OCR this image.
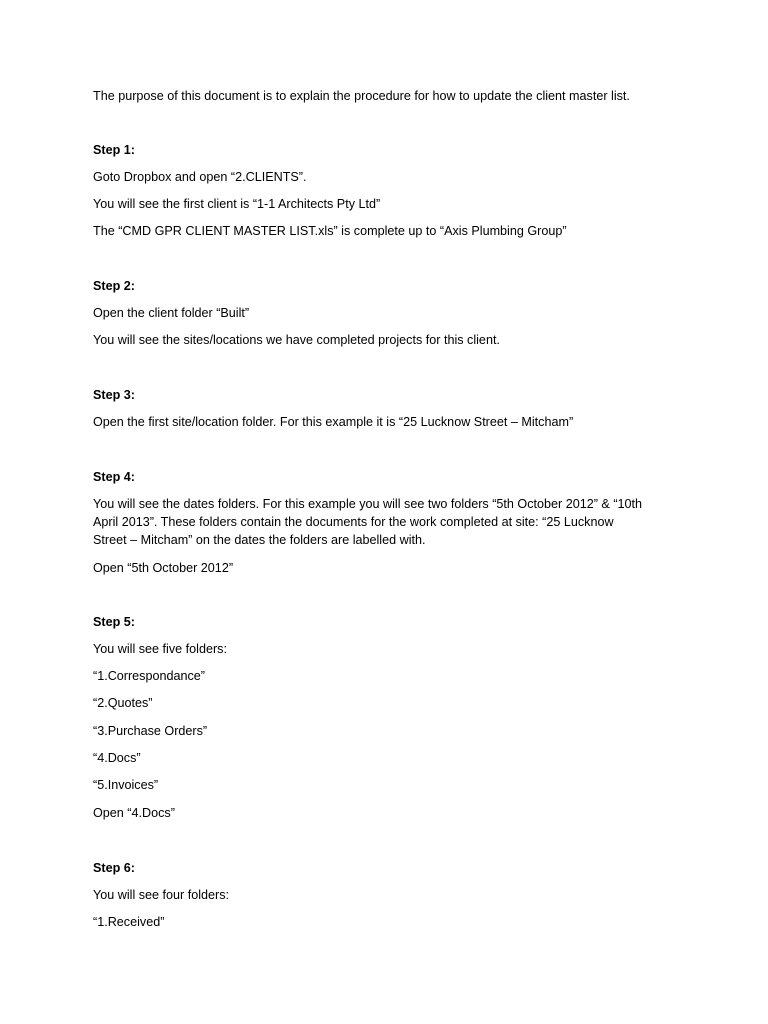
The purpose of this document is to explain the procedure for how to update the client master list.
Step 1:
Goto Dropbox and open “2.CLIENTS”.
You will see the first client is “1-1 Architects Pty Ltd”
The “CMD GPR CLIENT MASTER LIST.xls” is complete up to “Axis Plumbing Group”
Step 2:
Open the client folder “Built”
You will see the sites/locations we have completed projects for this client.
Step 3:
Open the first site/location folder. For this example it is “25 Lucknow Street – Mitcham”
Step 4:
You will see the dates folders. For this example you will see two folders “5th October 2012” & “10th
April 2013”. These folders contain the documents for the work completed at site: “25 Lucknow
Street – Mitcham” on the dates the folders are labelled with.
Open “5th October 2012”
Step 5:
You will see five folders:
“1.Correspondance”
“2.Quotes”
“3.Purchase Orders”
“4.Docs”
“5.Invoices”
Open “4.Docs”
Step 6:
You will see four folders:
“1.Received”
